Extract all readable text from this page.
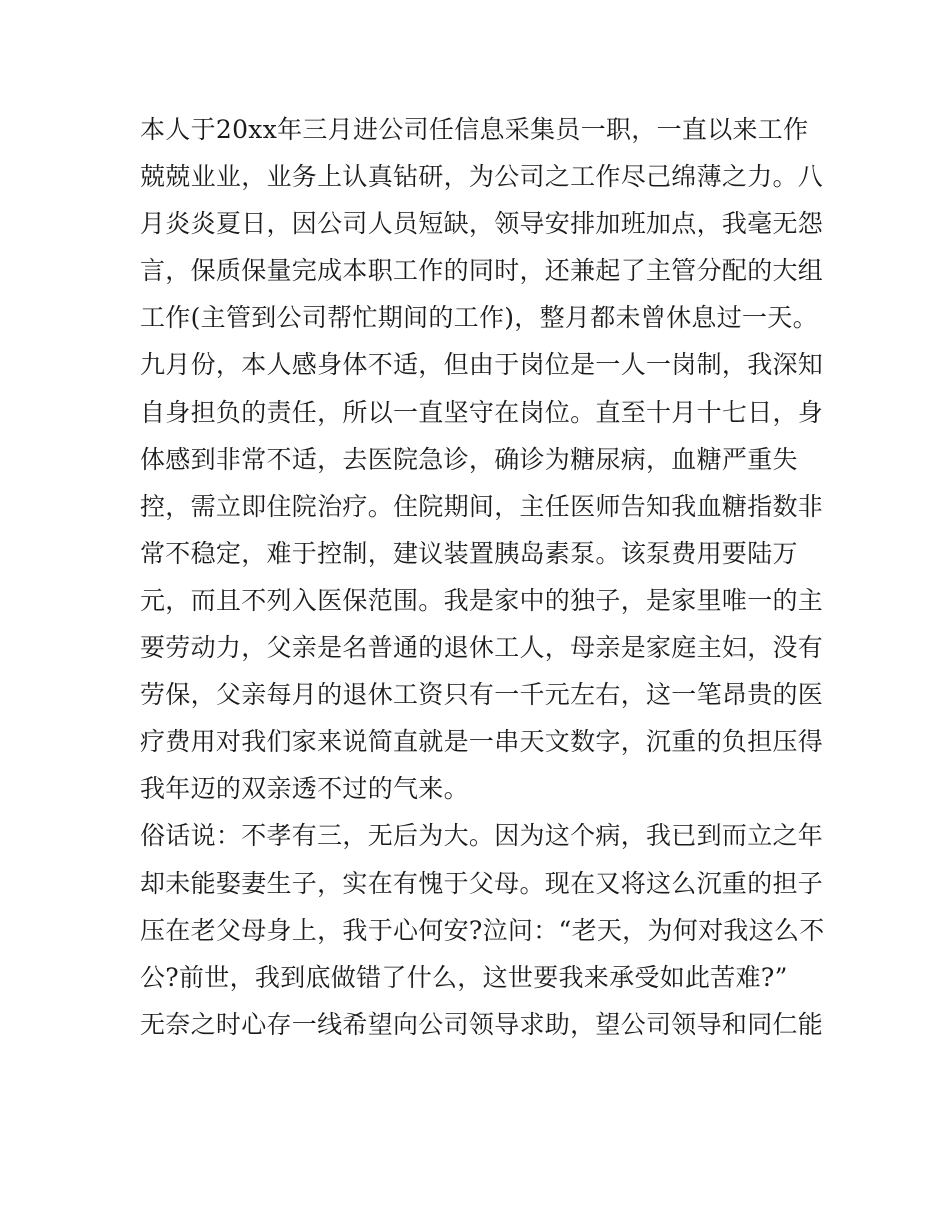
本人于20xx年三月进公司任信息采集员一职，一直以来工作
兢兢业业，业务上认真钻研，为公司之工作尽己绵薄之力。八
月炎炎夏日，因公司人员短缺，领导安排加班加点，我毫无怨
言，保质保量完成本职工作的同时，还兼起了主管分配的大组
工作(主管到公司帮忙期间的工作)，整月都未曾休息过一天。
九月份，本人感身体不适，但由于岗位是一人一岗制，我深知
自身担负的责任，所以一直坚守在岗位。直至十月十七日，身
体感到非常不适，去医院急诊，确诊为糖尿病，血糖严重失
控，需立即住院治疗。住院期间，主任医师告知我血糖指数非
常不稳定，难于控制，建议装置胰岛素泵。该泵费用要陆万
元，而且不列入医保范围。我是家中的独子，是家里唯一的主
要劳动力，父亲是名普通的退休工人，母亲是家庭主妇，没有
劳保，父亲每月的退休工资只有一千元左右，这一笔昂贵的医
疗费用对我们家来说简直就是一串天文数字，沉重的负担压得
我年迈的双亲透不过的气来。
俗话说：不孝有三，无后为大。因为这个病，我已到而立之年
却未能娶妻生子，实在有愧于父母。现在又将这么沉重的担子
压在老父母身上，我于心何安?泣问：“老天，为何对我这么不
公?前世，我到底做错了什么，这世要我来承受如此苦难?”
无奈之时心存一线希望向公司领导求助，望公司领导和同仁能
